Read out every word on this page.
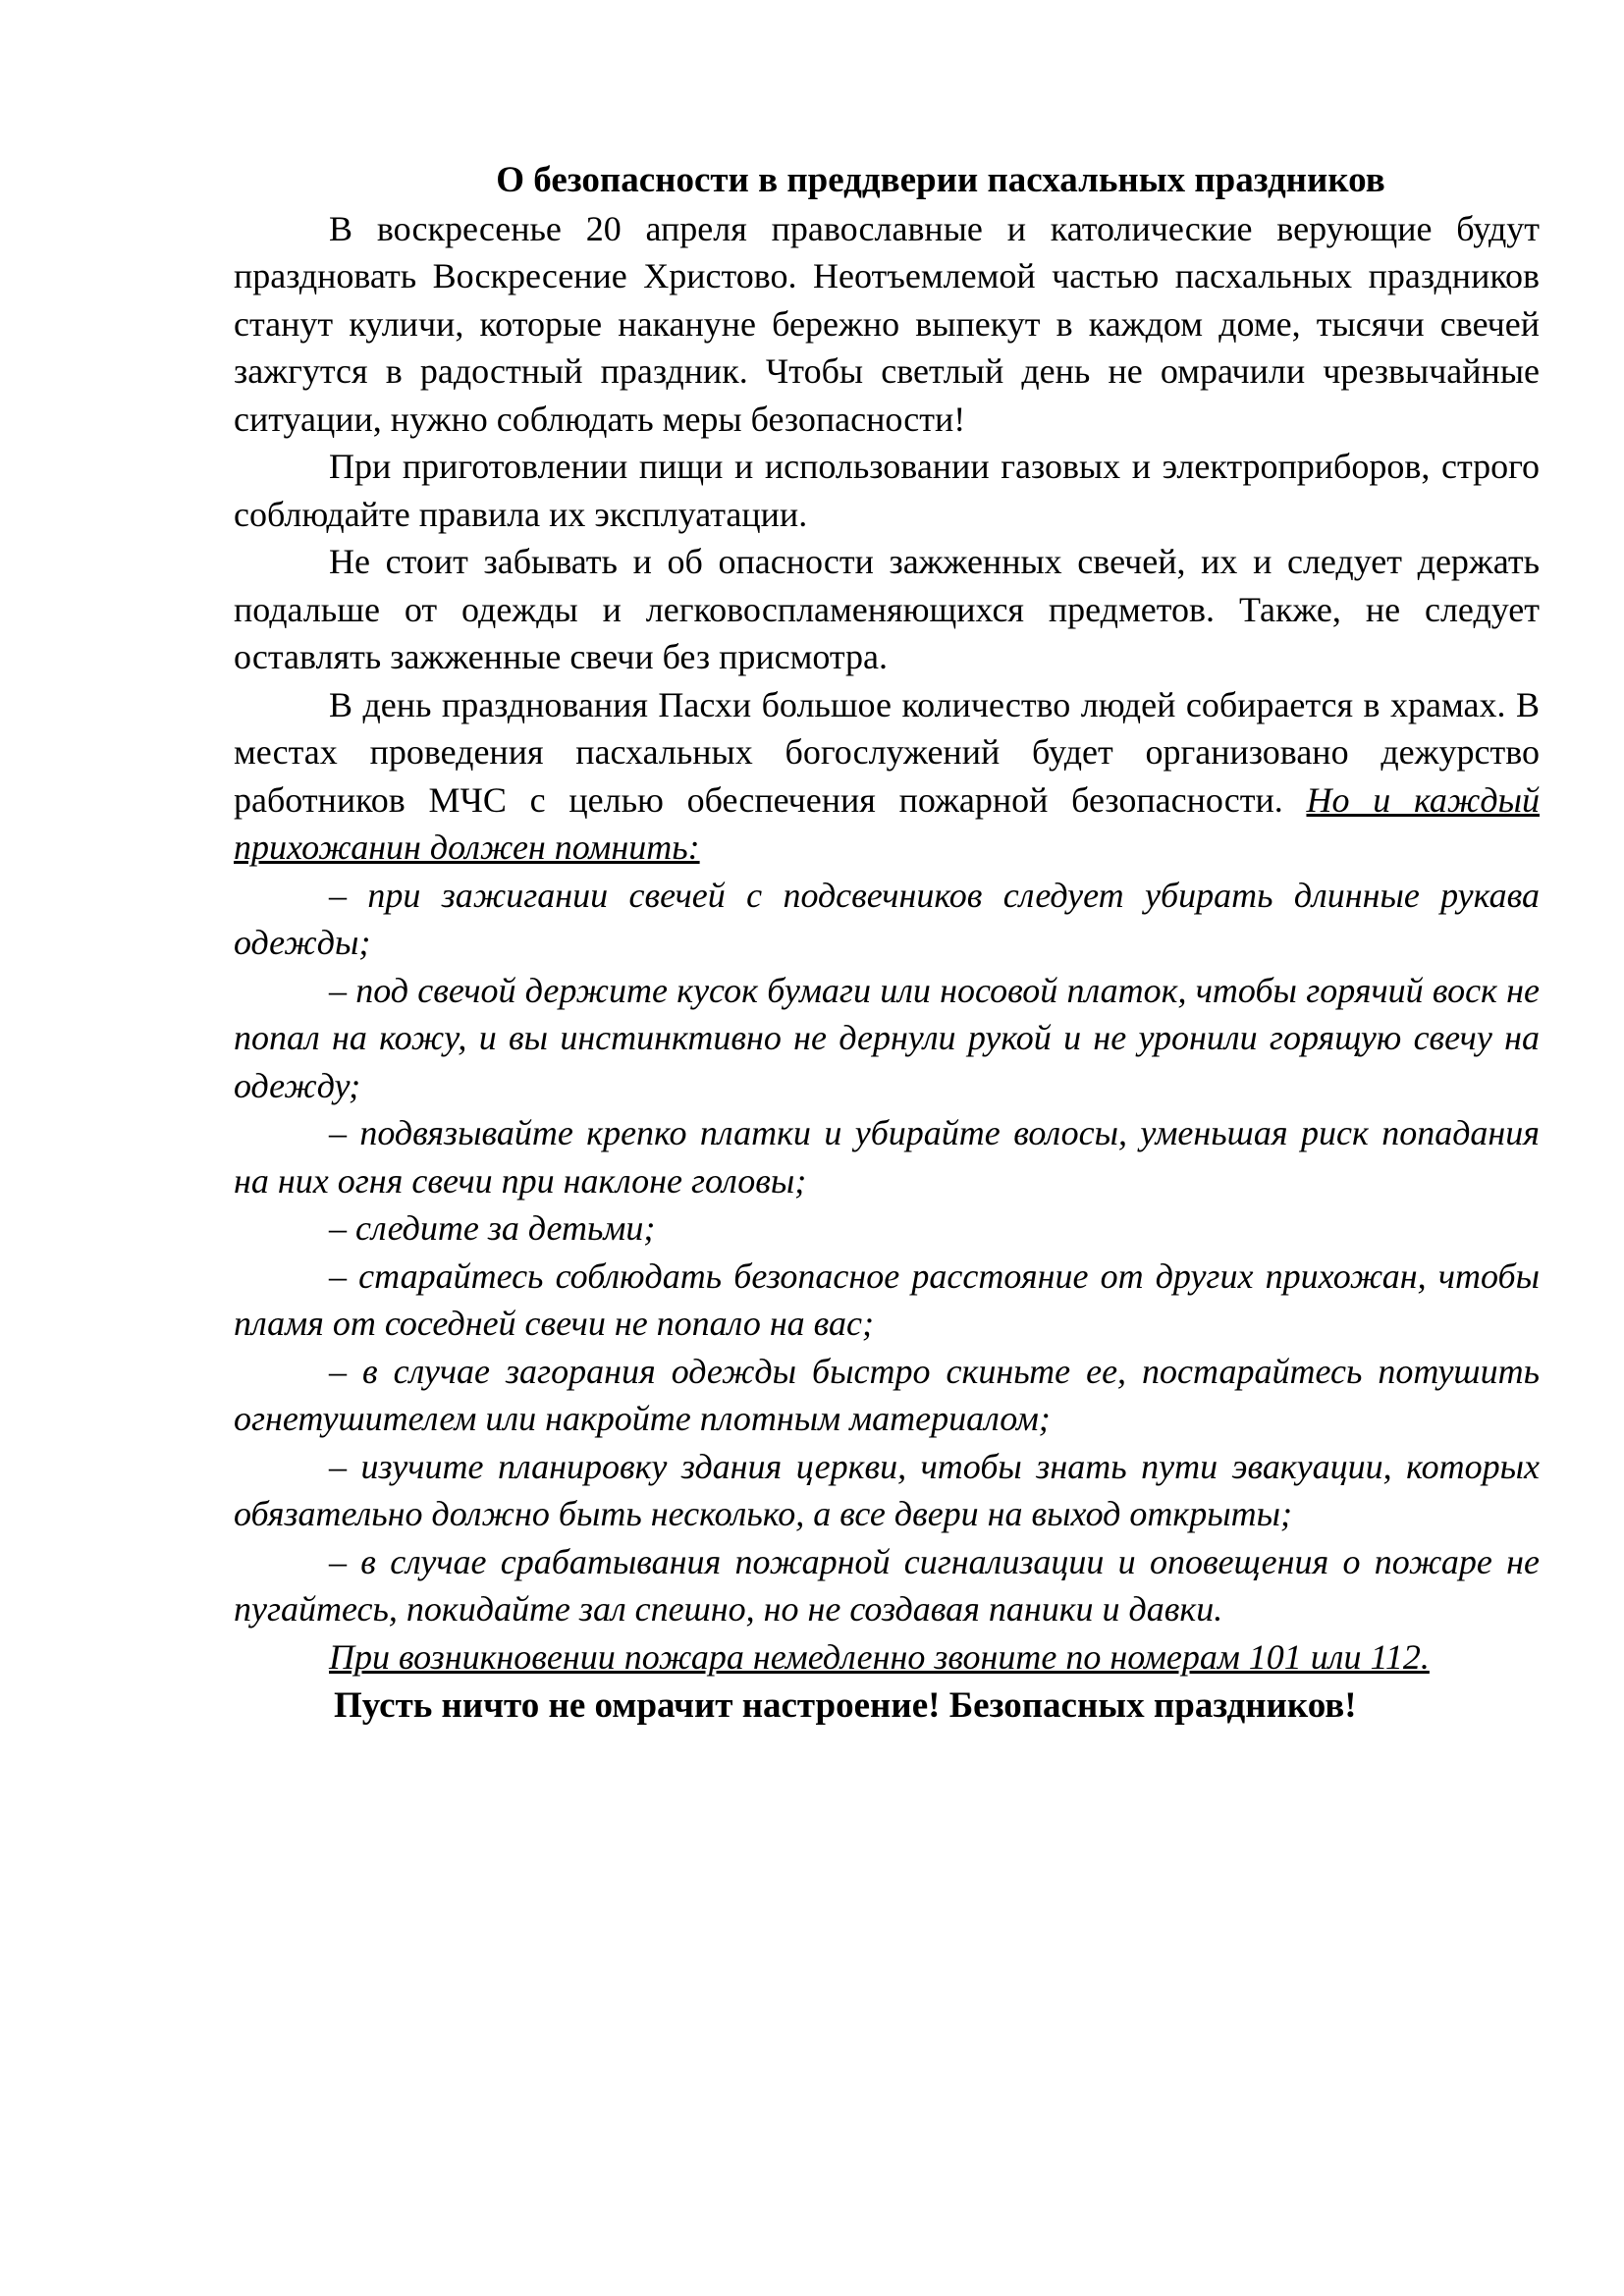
О безопасности в преддверии пасхальных праздников

В воскресенье 20 апреля православные и католические верующие будут праздновать Воскресение Христово. Неотъемлемой частью пасхальных праздников станут куличи, которые накануне бережно выпекут в каждом доме, тысячи свечей зажгутся в радостный праздник. Чтобы светлый день не омрачили чрезвычайные ситуации, нужно соблюдать меры безопасности!

При приготовлении пищи и использовании газовых и электроприборов, строго соблюдайте правила их эксплуатации.

Не стоит забывать и об опасности зажженных свечей, их и следует держать подальше от одежды и легковоспламеняющихся предметов. Также, не следует оставлять зажженные свечи без присмотра.

В день празднования Пасхи большое количество людей собирается в храмах. В местах проведения пасхальных богослужений будет организовано дежурство работников МЧС с целью обеспечения пожарной безопасности. Но и каждый прихожанин должен помнить:

– при зажигании свечей с подсвечников следует убирать длинные рукава одежды;

– под свечой держите кусок бумаги или носовой платок, чтобы горячий воск не попал на кожу, и вы инстинктивно не дернули рукой и не уронили горящую свечу на одежду;

– подвязывайте крепко платки и убирайте волосы, уменьшая риск попадания на них огня свечи при наклоне головы;

– следите за детьми;

– старайтесь соблюдать безопасное расстояние от других прихожан, чтобы пламя от соседней свечи не попало на вас;

– в случае загорания одежды быстро скиньте ее, постарайтесь потушить огнетушителем или накройте плотным материалом;

– изучите планировку здания церкви, чтобы знать пути эвакуации, которых обязательно должно быть несколько, а все двери на выход открыты;

– в случае срабатывания пожарной сигнализации и оповещения о пожаре не пугайтесь, покидайте зал спешно, но не создавая паники и давки.

При возникновении пожара немедленно звоните по номерам 101 или 112.

Пусть ничто не омрачит настроение! Безопасных праздников!
